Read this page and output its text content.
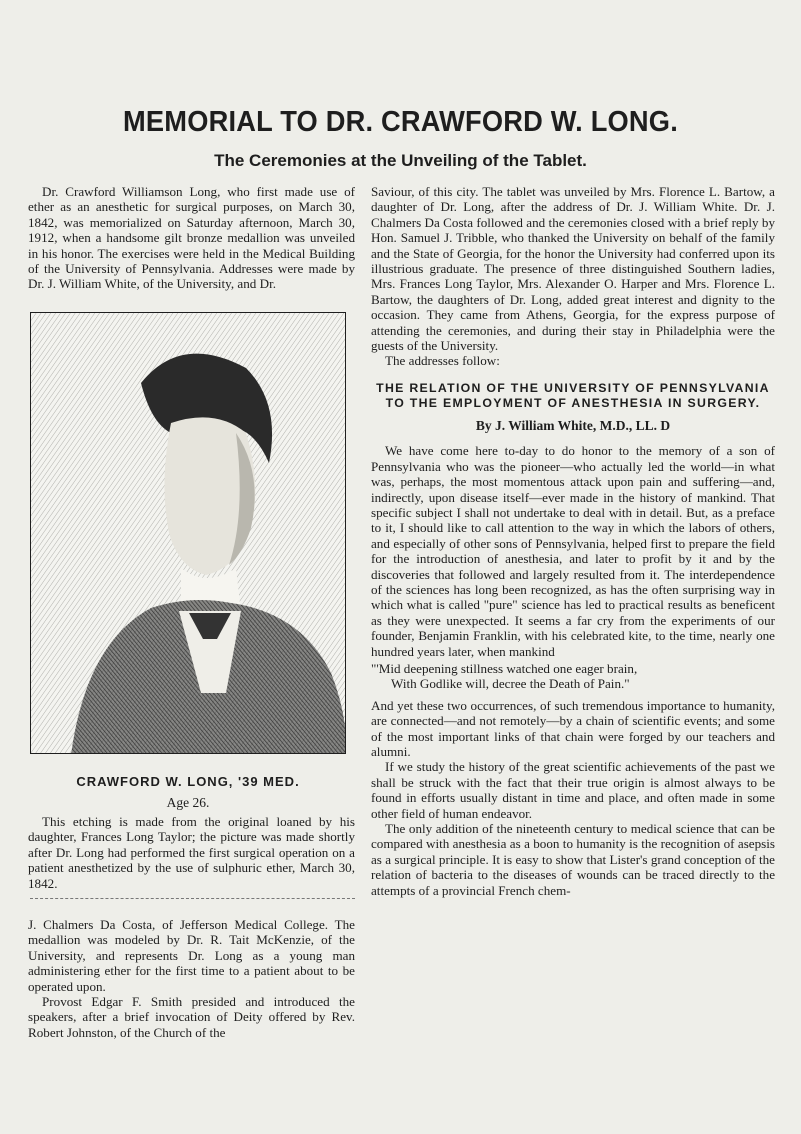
MEMORIAL TO DR. CRAWFORD W. LONG.
The Ceremonies at the Unveiling of the Tablet.

Dr. Crawford Williamson Long, who first made use of ether as an anesthetic for surgical purposes, on March 30, 1842, was memorialized on Saturday afternoon, March 30, 1912, when a handsome gilt bronze medallion was unveiled in his honor. The exercises were held in the Medical Building of the University of Pennsylvania. Addresses were made by Dr. J. William White, of the University, and Dr.

CRAWFORD W. LONG, '39 MED.
Age 26.

This etching is made from the original loaned by his daughter, Frances Long Taylor; the picture was made shortly after Dr. Long had performed the first surgical operation on a patient anesthetized by the use of sulphuric ether, March 30, 1842.

J. Chalmers Da Costa, of Jefferson Medical College. The medallion was modeled by Dr. R. Tait McKenzie, of the University, and represents Dr. Long as a young man administering ether for the first time to a patient about to be operated upon.

Provost Edgar F. Smith presided and introduced the speakers, after a brief invocation of Deity offered by Rev. Robert Johnston, of the Church of the

Saviour, of this city. The tablet was unveiled by Mrs. Florence L. Bartow, a daughter of Dr. Long, after the address of Dr. J. William White. Dr. J. Chalmers Da Costa followed and the ceremonies closed with a brief reply by Hon. Samuel J. Tribble, who thanked the University on behalf of the family and the State of Georgia, for the honor the University had conferred upon its illustrious graduate. The presence of three distinguished Southern ladies, Mrs. Frances Long Taylor, Mrs. Alexander O. Harper and Mrs. Florence L. Bartow, the daughters of Dr. Long, added great interest and dignity to the occasion. They came from Athens, Georgia, for the express purpose of attending the ceremonies, and during their stay in Philadelphia were the guests of the University.

The addresses follow:

THE RELATION OF THE UNIVERSITY OF PENNSYLVANIA TO THE EMPLOYMENT OF ANESTHESIA IN SURGERY.
By J. William White, M.D., LL. D

We have come here to-day to do honor to the memory of a son of Pennsylvania who was the pioneer—who actually led the world—in what was, perhaps, the most momentous attack upon pain and suffering—and, indirectly, upon disease itself—ever made in the history of mankind. That specific subject I shall not undertake to deal with in detail. But, as a preface to it, I should like to call attention to the way in which the labors of others, and especially of other sons of Pennsylvania, helped first to prepare the field for the introduction of anesthesia, and later to profit by it and by the discoveries that followed and largely resulted from it. The interdependence of the sciences has long been recognized, as has the often surprising way in which what is called "pure" science has led to practical results as beneficent as they were unexpected. It seems a far cry from the experiments of our founder, Benjamin Franklin, with his celebrated kite, to the time, nearly one hundred years later, when mankind

"'Mid deepening stillness watched one eager brain,
With Godlike will, decree the Death of Pain."

And yet these two occurrences, of such tremendous importance to humanity, are connected—and not remotely—by a chain of scientific events; and some of the most important links of that chain were forged by our teachers and alumni.

If we study the history of the great scientific achievements of the past we shall be struck with the fact that their true origin is almost always to be found in efforts usually distant in time and place, and often made in some other field of human endeavor.

The only addition of the nineteenth century to medical science that can be compared with anesthesia as a boon to humanity is the recognition of asepsis as a surgical principle. It is easy to show that Lister's grand conception of the relation of bacteria to the diseases of wounds can be traced directly to the attempts of a provincial French chem-
